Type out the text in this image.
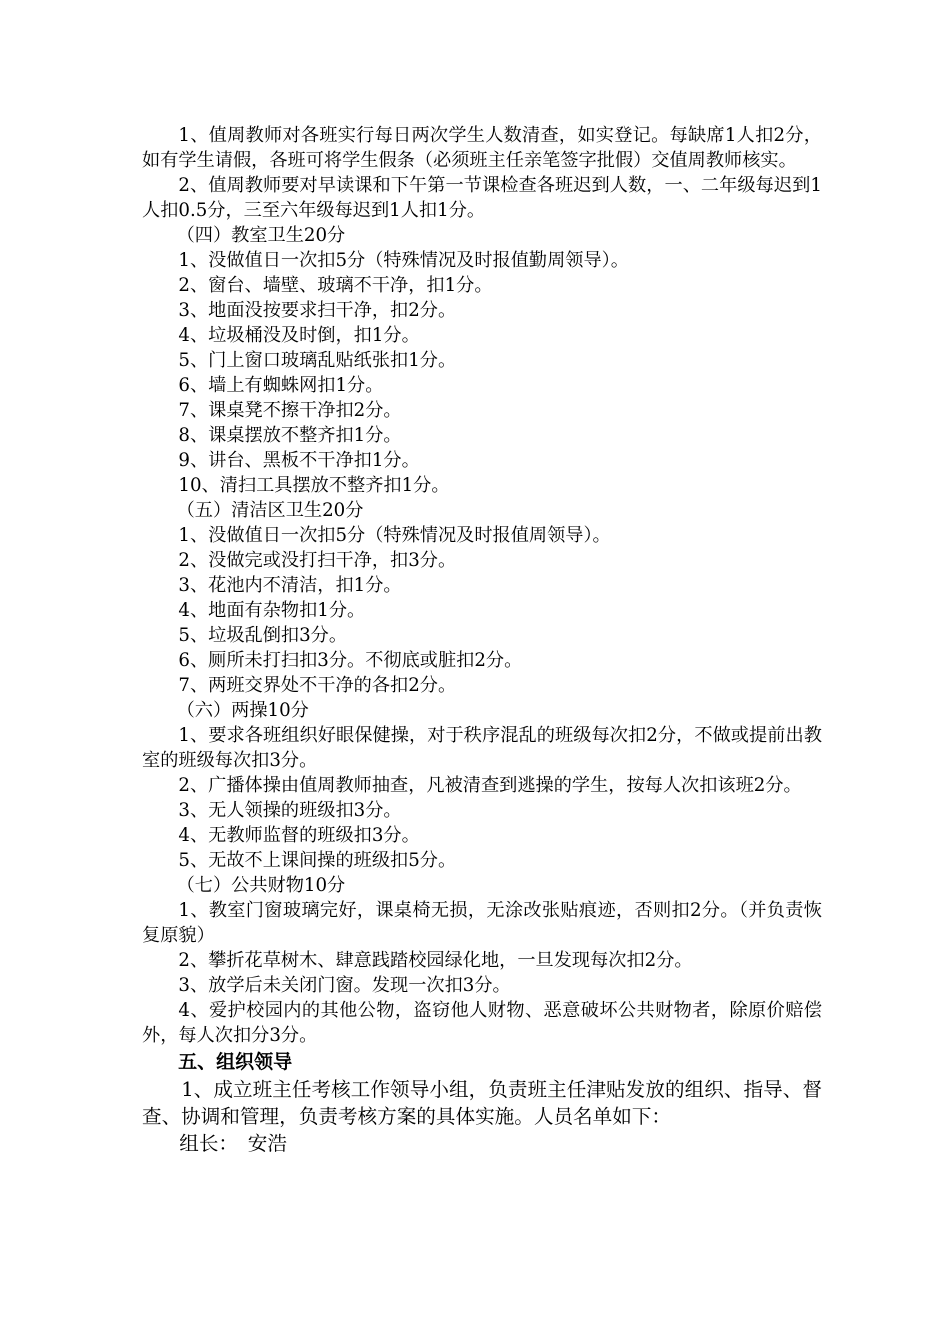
1、值周教师对各班实行每日两次学生人数清查，如实登记。每缺席1人扣2分，如有学生请假，各班可将学生假条（必须班主任亲笔签字批假）交值周教师核实。

2、值周教师要对早读课和下午第一节课检查各班迟到人数，一、二年级每迟到1人扣0.5分，三至六年级每迟到1人扣1分。

（四）教室卫生20分

1、没做值日一次扣5分（特殊情况及时报值勤周领导）。

2、窗台、墙壁、玻璃不干净，扣1分。

3、地面没按要求扫干净，扣2分。

4、垃圾桶没及时倒，扣1分。

5、门上窗口玻璃乱贴纸张扣1分。

6、墙上有蜘蛛网扣1分。

7、课桌凳不擦干净扣2分。

8、课桌摆放不整齐扣1分。

9、讲台、黑板不干净扣1分。

10、清扫工具摆放不整齐扣1分。

（五）清洁区卫生20分

1、没做值日一次扣5分（特殊情况及时报值周领导）。

2、没做完或没打扫干净，扣3分。

3、花池内不清洁，扣1分。

4、地面有杂物扣1分。

5、垃圾乱倒扣3分。

6、厕所未打扫扣3分。不彻底或脏扣2分。

7、两班交界处不干净的各扣2分。

（六）两操10分

1、要求各班组织好眼保健操，对于秩序混乱的班级每次扣2分，不做或提前出教室的班级每次扣3分。

2、广播体操由值周教师抽查，凡被清查到逃操的学生，按每人次扣该班2分。

3、无人领操的班级扣3分。

4、无教师监督的班级扣3分。

5、无故不上课间操的班级扣5分。

（七）公共财物10分

1、教室门窗玻璃完好，课桌椅无损，无涂改张贴痕迹，否则扣2分。（并负责恢复原貌）

2、攀折花草树木、肆意践踏校园绿化地，一旦发现每次扣2分。

3、放学后未关闭门窗。发现一次扣3分。

4、爱护校园内的其他公物，盗窃他人财物、恶意破坏公共财物者，除原价赔偿外，每人次扣分3分。

五、组织领导

1、成立班主任考核工作领导小组，负责班主任津贴发放的组织、指导、督查、协调和管理，负责考核方案的具体实施。人员名单如下：

组长：　安浩
